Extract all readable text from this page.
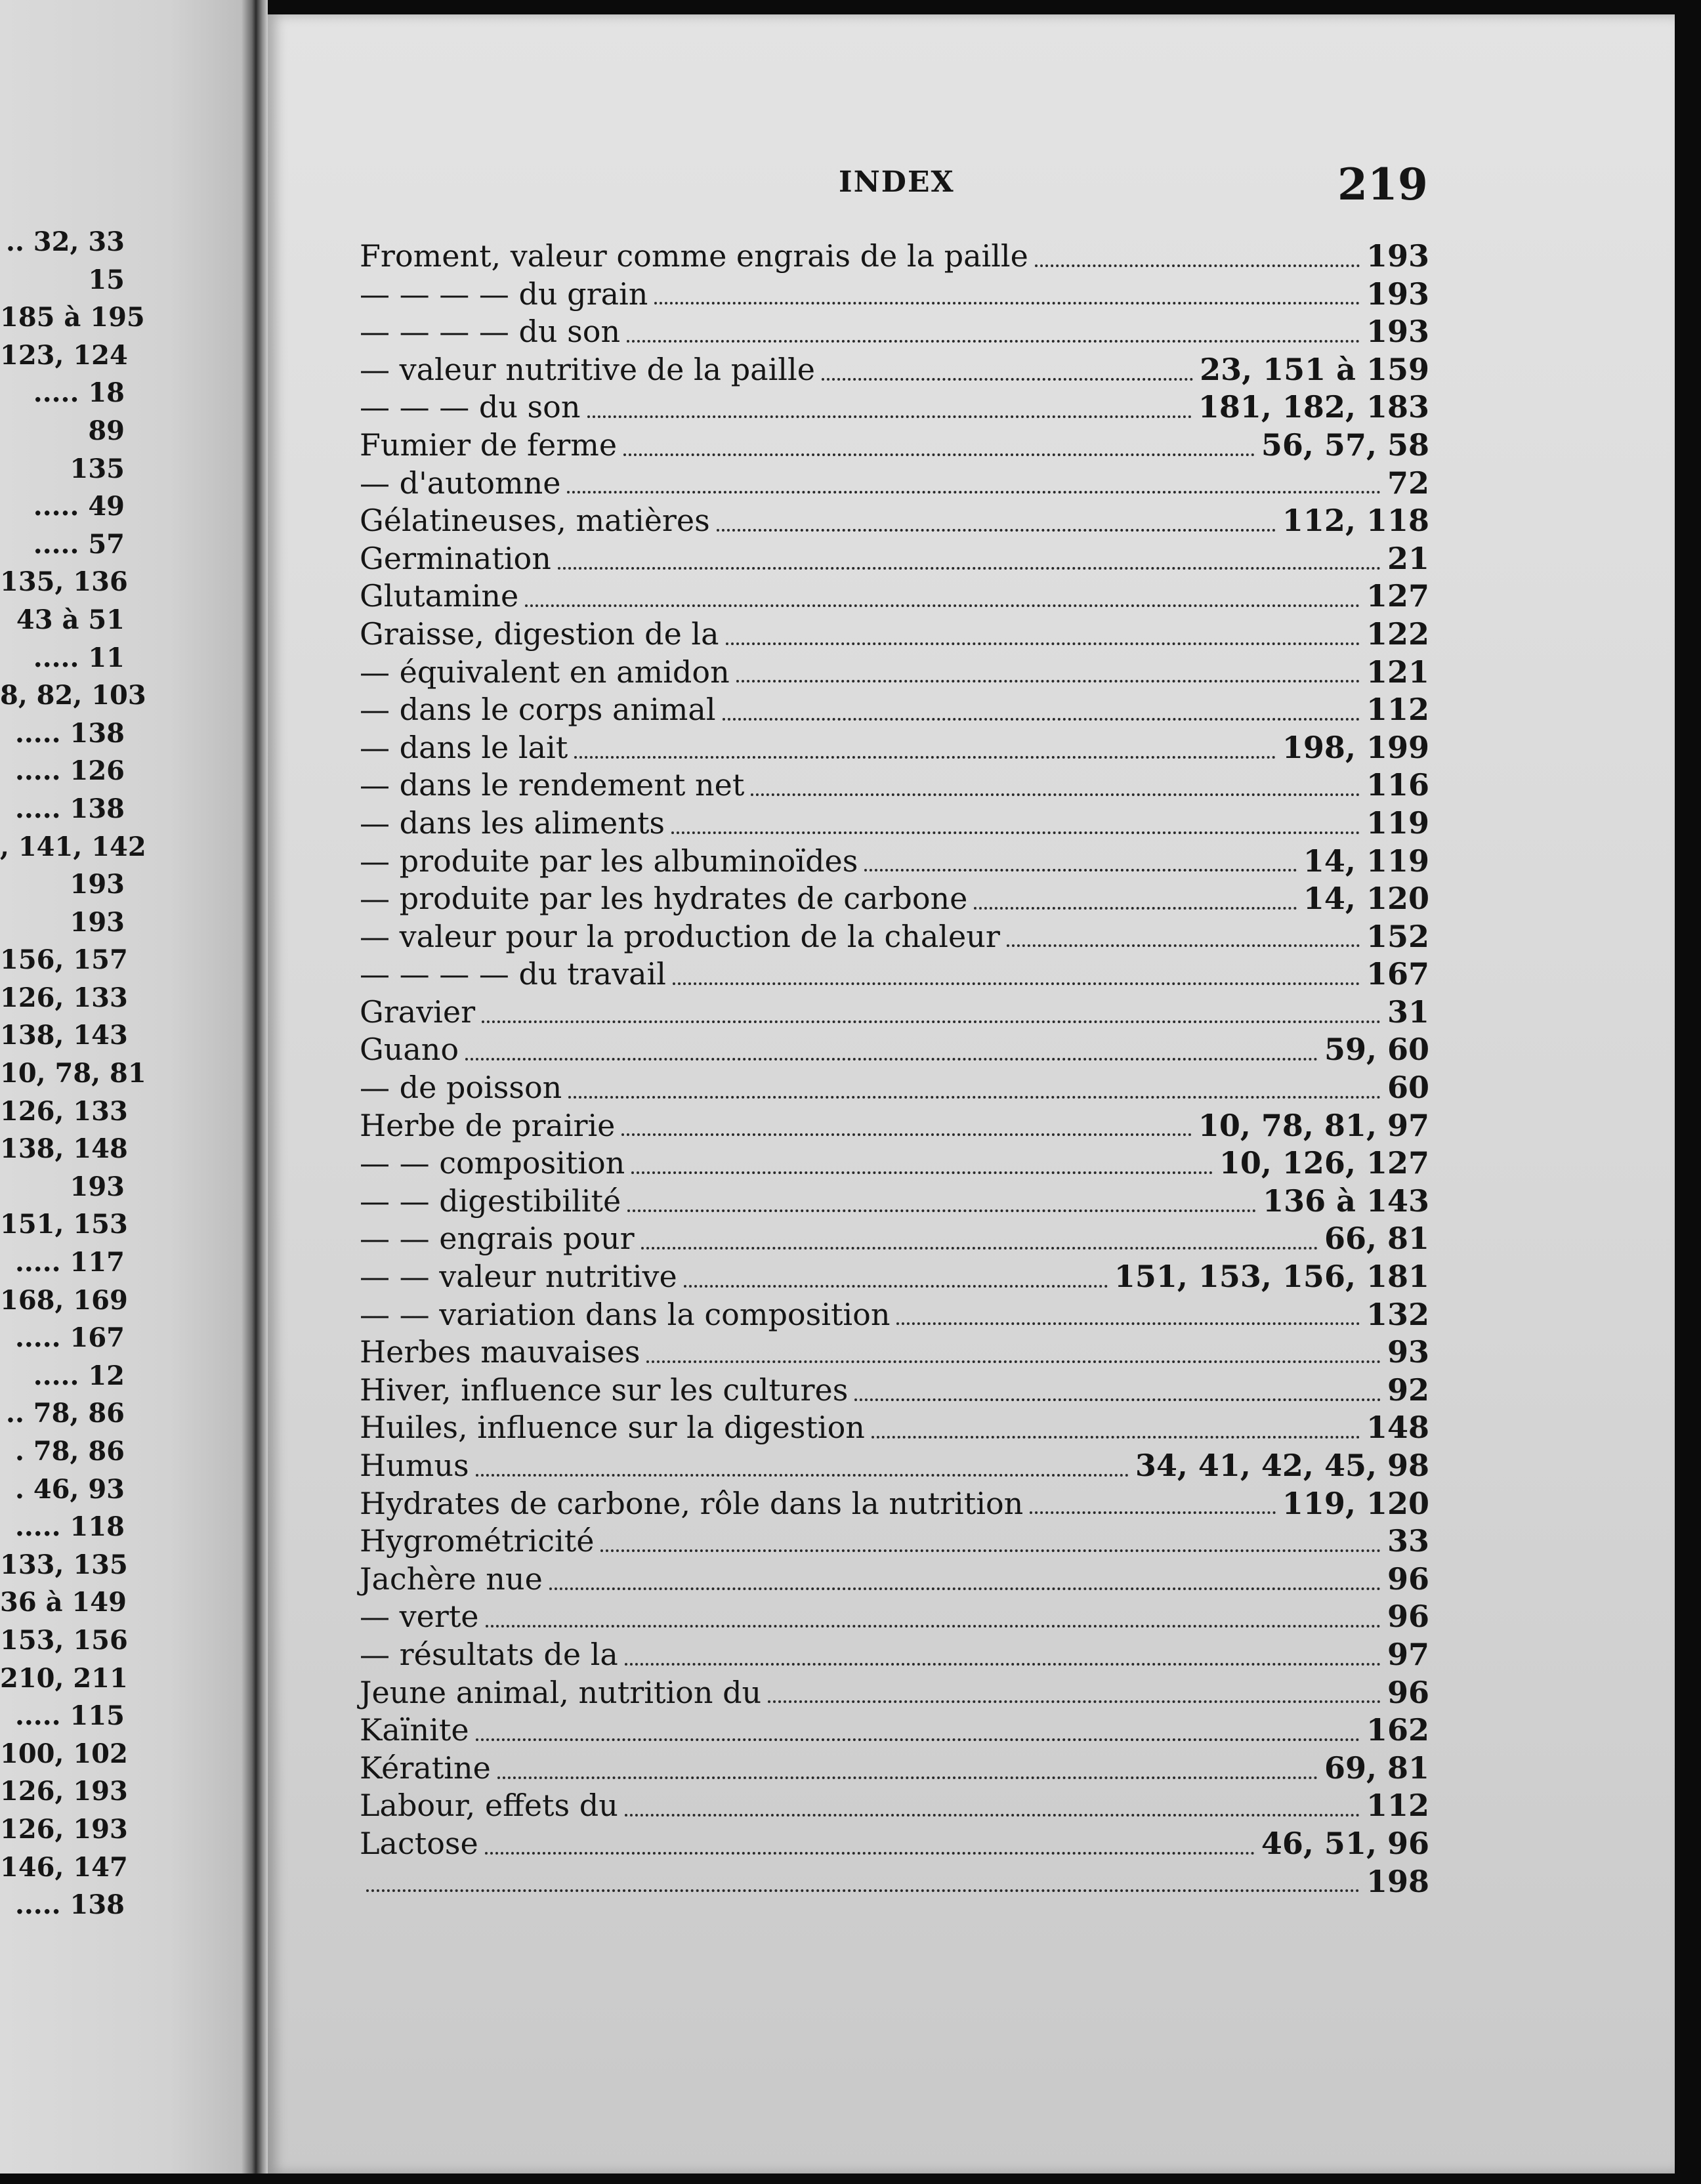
.. 32, 33
15
185 à 195
123, 124
..... 18
89
135
..... 49
..... 57
135, 136
43 à 51
..... 11
8, 82, 103
..... 138
..... 126
..... 138
, 141, 142
193
193
156, 157
126, 133
138, 143
10, 78, 81
126, 133
138, 148
193
151, 153
..... 117
168, 169
..... 167
..... 12
.. 78, 86
. 78, 86
. 46, 93
..... 118
133, 135
36 à 149
153, 156
210, 211
..... 115
100, 102
126, 193
126, 193
146, 147
..... 138
INDEX	219
Froment, valeur comme engrais de la paille	193
— — — — du grain	193
— — — — du son	193
— valeur nutritive de la paille	23, 151 à 159
— — — du son	181, 182, 183
Fumier de ferme	56, 57, 58
— d'automne	72
Gélatineuses, matières	112, 118
Germination	21
Glutamine	127
Graisse, digestion de la	122
— équivalent en amidon	121
— dans le corps animal	112
— dans le lait	198, 199
— dans le rendement net	116
— dans les aliments	119
— produite par les albuminoïdes	14, 119
— produite par les hydrates de carbone	14, 120
— valeur pour la production de la chaleur	152
— — — — du travail	167
Gravier	31
Guano	59, 60
— de poisson	60
Herbe de prairie	10, 78, 81, 97
— — composition	10, 126, 127
— — digestibilité	136 à 143
— — engrais pour	66, 81
— — valeur nutritive	151, 153, 156, 181
— — variation dans la composition	132
Herbes mauvaises	93
Hiver, influence sur les cultures	92
Huiles, influence sur la digestion	148
Humus	34, 41, 42, 45, 98
Hydrates de carbone, rôle dans la nutrition	119, 120
Hygrométricité	33
Jachère nue	96
— verte	96
— résultats de la	97
Jeune animal, nutrition du	96
Kaïnite	162
Kératine	69, 81
Labour, effets du	112
Lactose	46, 51, 96
198
